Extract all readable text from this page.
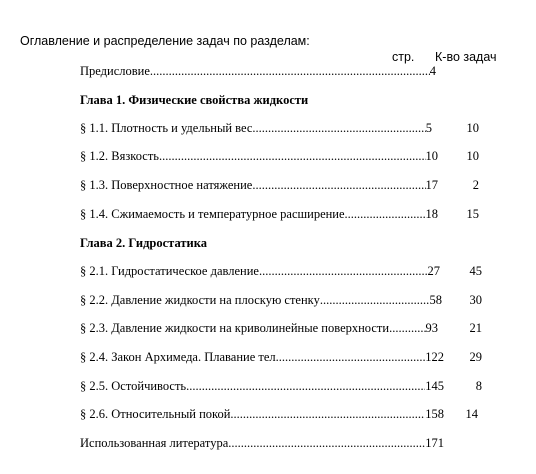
Оглавление и распределение задач по разделам:
стр. К-во задач
Предисловие .....	4
Глава 1. Физические свойства жидкости
§ 1.1. Плотность и удельный вес .....	5	10
§ 1.2. Вязкость .....	10	10
§ 1.3. Поверхностное натяжение .....	17	2
§ 1.4. Сжимаемость и температурное расширение .....	18	15
Глава 2. Гидростатика
§ 2.1. Гидростатическое давление .....	27	45
§ 2.2. Давление жидкости на плоскую стенку .....	58	30
§ 2.3. Давление жидкости на криволинейные поверхности .....	93	21
§ 2.4. Закон Архимеда. Плавание тел .....	122	29
§ 2.5. Остойчивость .....	145	8
§ 2.6. Относительный покой .....	158	14
Использованная литература .....	171
